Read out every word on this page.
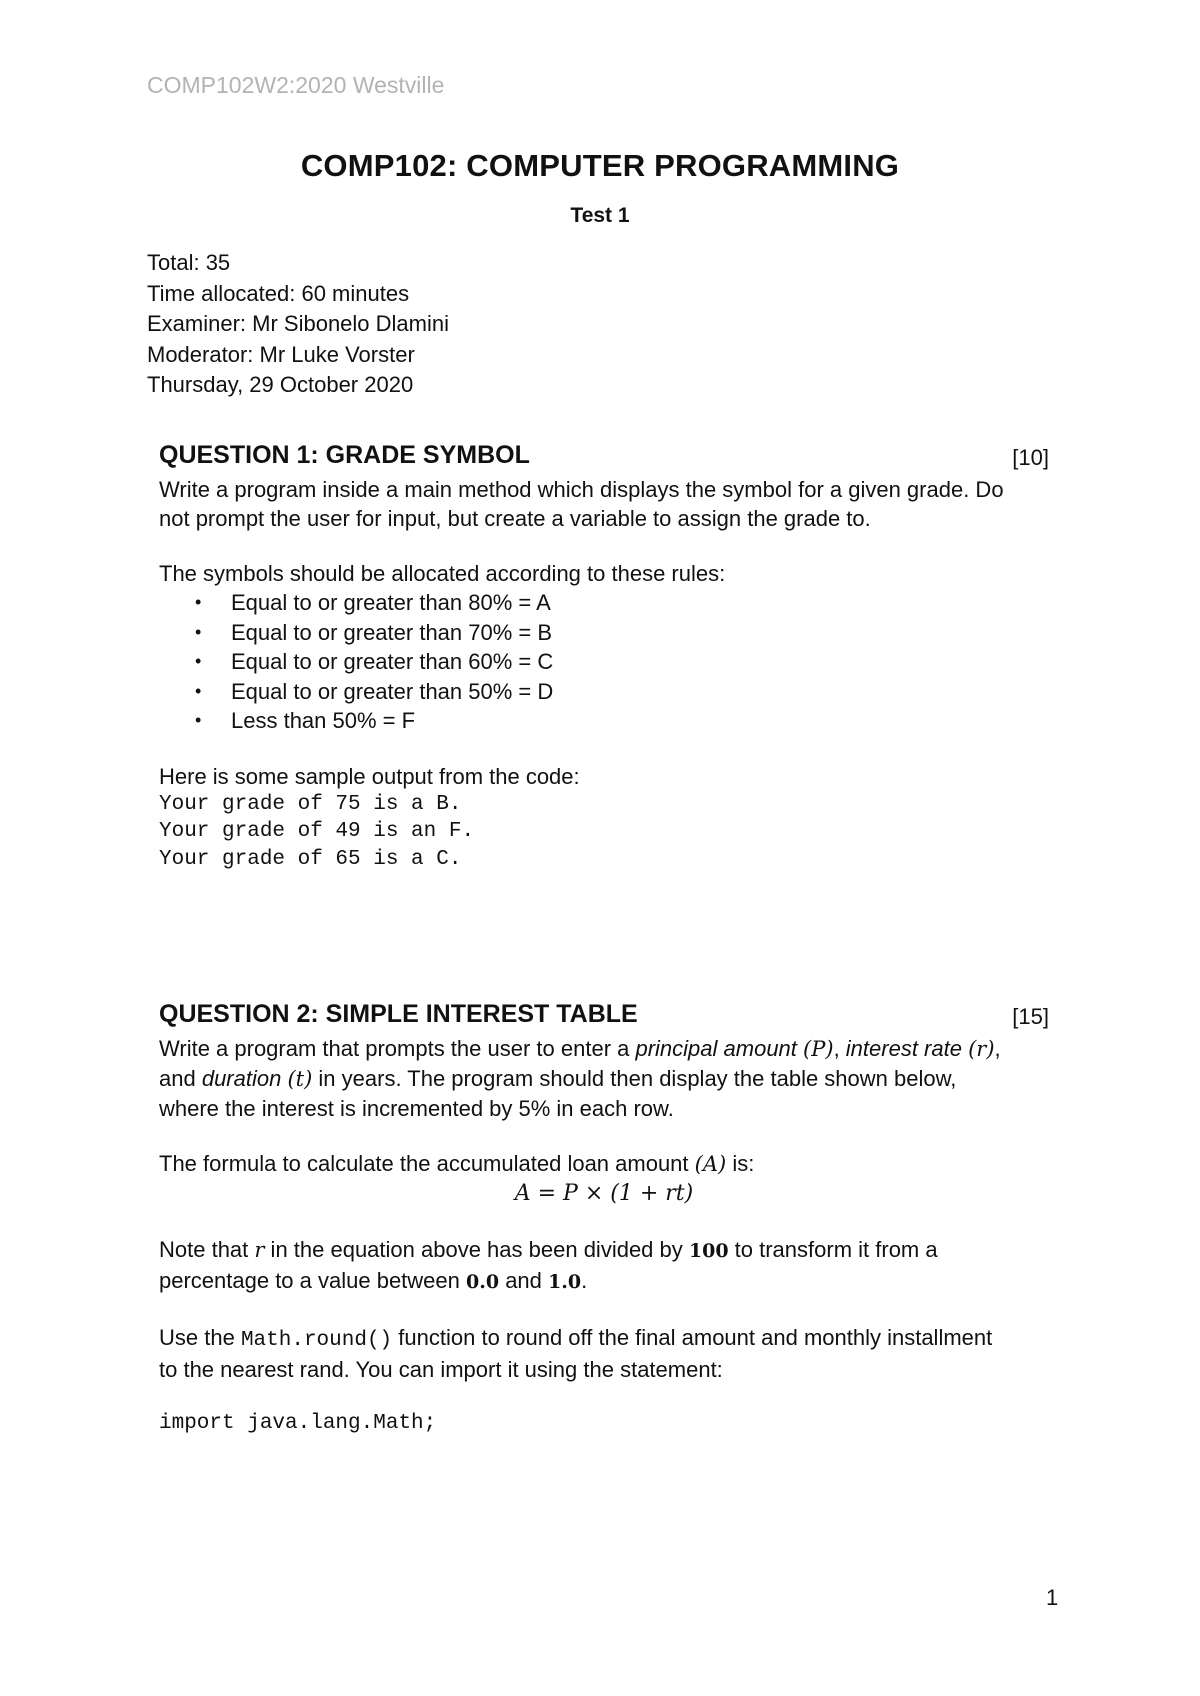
COMP102W2:2020 Westville
COMP102: COMPUTER PROGRAMMING
Test 1
Total: 35
Time allocated: 60 minutes
Examiner: Mr Sibonelo Dlamini
Moderator: Mr Luke Vorster
Thursday, 29 October 2020
QUESTION 1: GRADE SYMBOL	[10]

Write a program inside a main method which displays the symbol for a given grade. Do not prompt the user for input, but create a variable to assign the grade to.

The symbols should be allocated according to these rules:

• Equal to or greater than 80% = A
• Equal to or greater than 70% = B
• Equal to or greater than 60% = C
• Equal to or greater than 50% = D
• Less than 50% = F

Here is some sample output from the code:

Your grade of 75 is a B.
Your grade of 49 is an F.
Your grade of 65 is a C.
QUESTION 2: SIMPLE INTEREST TABLE	[15]

Write a program that prompts the user to enter a principal amount (P), interest rate (r), and duration (t) in years. The program should then display the table shown below, where the interest is incremented by 5% in each row.

The formula to calculate the accumulated loan amount (A) is:

A = P × (1 + rt)

Note that r in the equation above has been divided by 100 to transform it from a percentage to a value between 0.0 and 1.0.

Use the Math.round() function to round off the final amount and monthly installment to the nearest rand. You can import it using the statement:

import java.lang.Math;
1
